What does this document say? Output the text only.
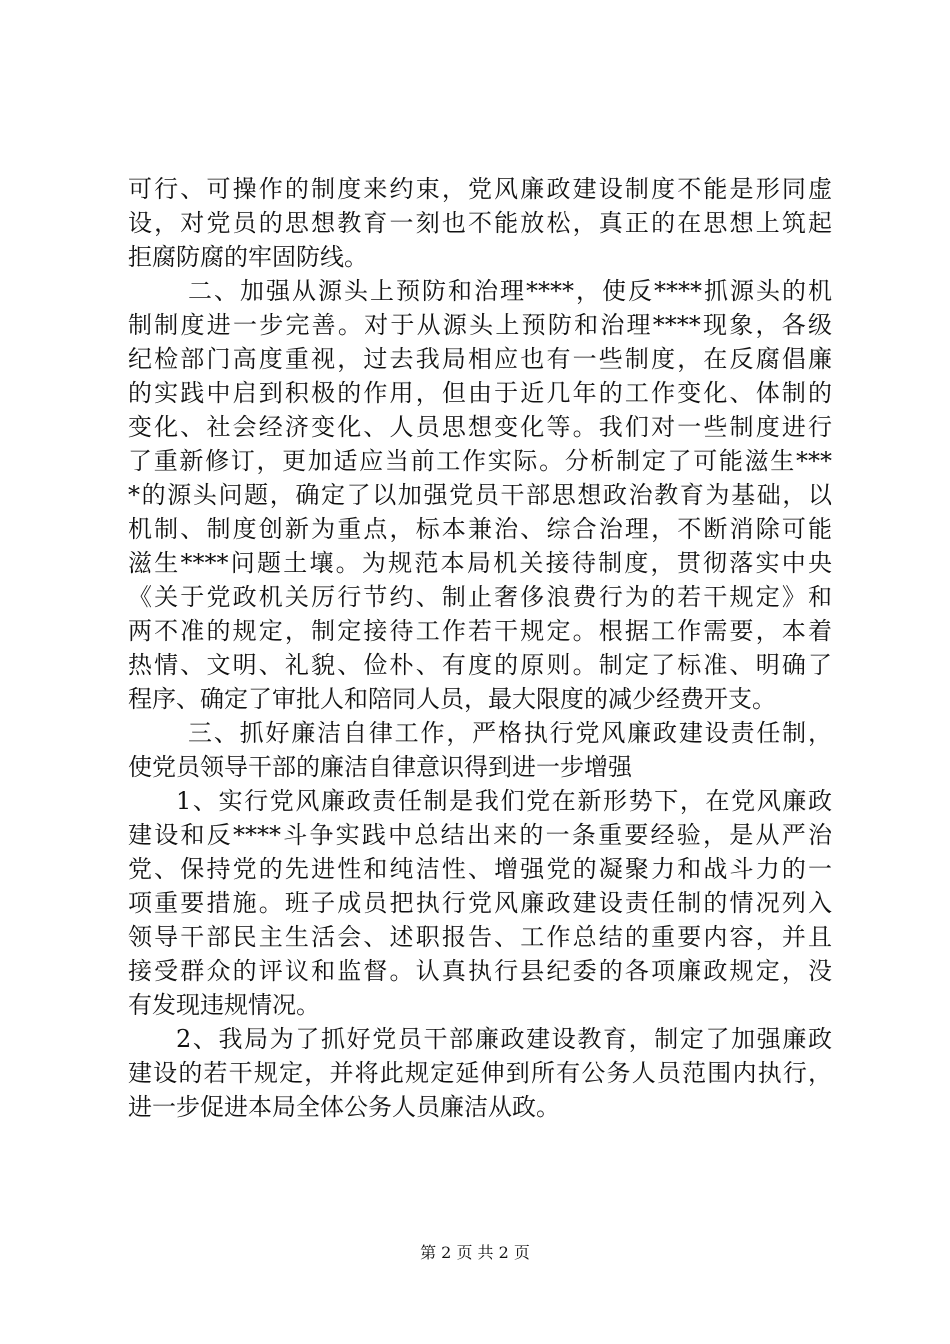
可行、可操作的制度来约束，党风廉政建设制度不能是形同虚
设，对党员的思想教育一刻也不能放松，真正的在思想上筑起
拒腐防腐的牢固防线。
二、加强从源头上预防和治理****，使反****抓源头的机
制制度进一步完善。对于从源头上预防和治理****现象，各级
纪检部门高度重视，过去我局相应也有一些制度，在反腐倡廉
的实践中启到积极的作用，但由于近几年的工作变化、体制的
变化、社会经济变化、人员思想变化等。我们对一些制度进行
了重新修订，更加适应当前工作实际。分析制定了可能滋生***
*的源头问题，确定了以加强党员干部思想政治教育为基础，以
机制、制度创新为重点，标本兼治、综合治理，不断消除可能
滋生****问题土壤。为规范本局机关接待制度，贯彻落实中央
《关于党政机关厉行节约、制止奢侈浪费行为的若干规定》和
两不准的规定，制定接待工作若干规定。根据工作需要，本着
热情、文明、礼貌、俭朴、有度的原则。制定了标准、明确了
程序、确定了审批人和陪同人员，最大限度的减少经费开支。
三、抓好廉洁自律工作，严格执行党风廉政建设责任制，
使党员领导干部的廉洁自律意识得到进一步增强
1、实行党风廉政责任制是我们党在新形势下，在党风廉政
建设和反****斗争实践中总结出来的一条重要经验，是从严治
党、保持党的先进性和纯洁性、增强党的凝聚力和战斗力的一
项重要措施。班子成员把执行党风廉政建设责任制的情况列入
领导干部民主生活会、述职报告、工作总结的重要内容，并且
接受群众的评议和监督。认真执行县纪委的各项廉政规定，没
有发现违规情况。
2、我局为了抓好党员干部廉政建设教育，制定了加强廉政
建设的若干规定，并将此规定延伸到所有公务人员范围内执行，
进一步促进本局全体公务人员廉洁从政。
第 2 页 共 2 页
